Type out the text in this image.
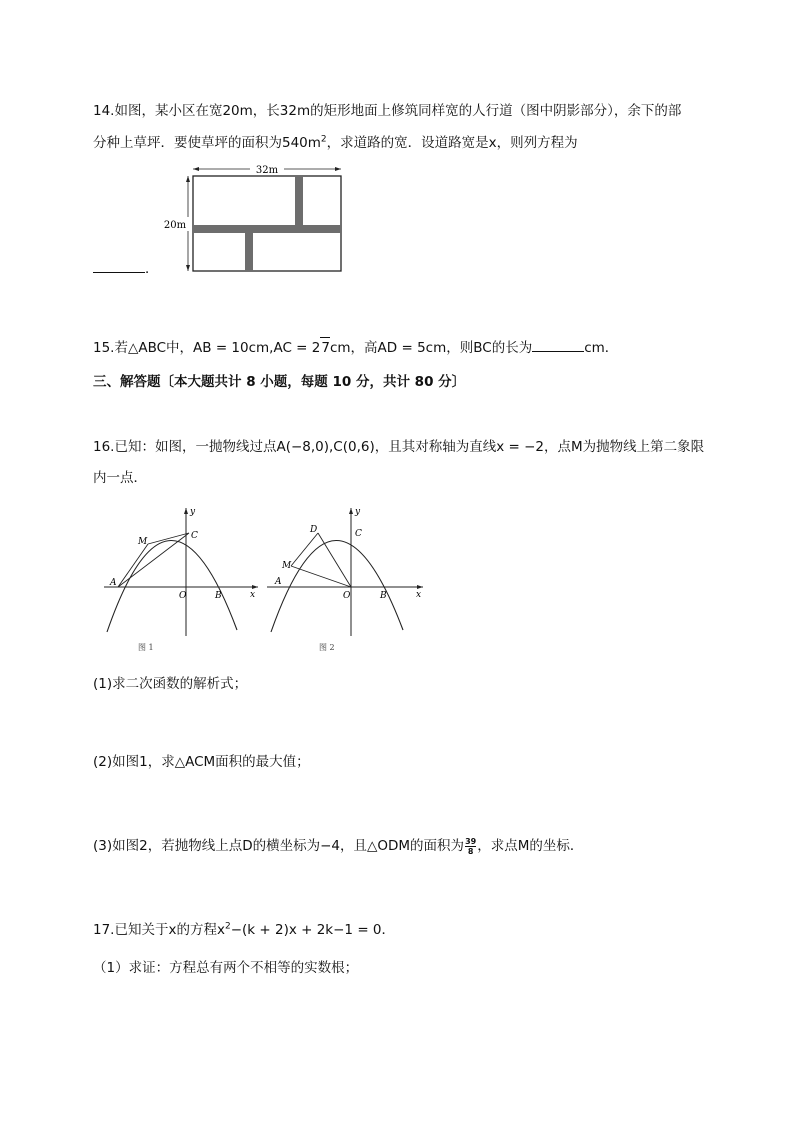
14.如图，某小区在宽20m，长32m的矩形地面上修筑同样宽的人行道（图中阴影部分），余下的部
分种上草坪．要使草坪的面积为$540m^2$，求道路的宽．设道路宽是x，则列方程为
32m
20m
．
15.若△ABC中，AB = 10cm,AC = 27cm，高AD = 5cm，则BC的长为	cm．
三、解答题〔本大题共计 8 小题，每题 10 分，共计 80 分〕
16.已知：如图，一抛物线过点A(−8,0),C(0,6)，且其对称轴为直线x = −2，点M为抛物线上第二象限
内一点．
y
x
M
C
A
O	B
图 1
y
x
D	C
M
A
O	B
图 2
(1)求二次函数的解析式；
(2)如图1，求△ACM面积的最大值；
(3)如图2，若抛物线上点D的横坐标为−4，且△ODM的面积为 $\frac{39}{8}$ ，求点M的坐标．
17.已知关于x的方程$x^2-(k + 2)x + 2k-1 = 0$．
（1）求证：方程总有两个不相等的实数根；
